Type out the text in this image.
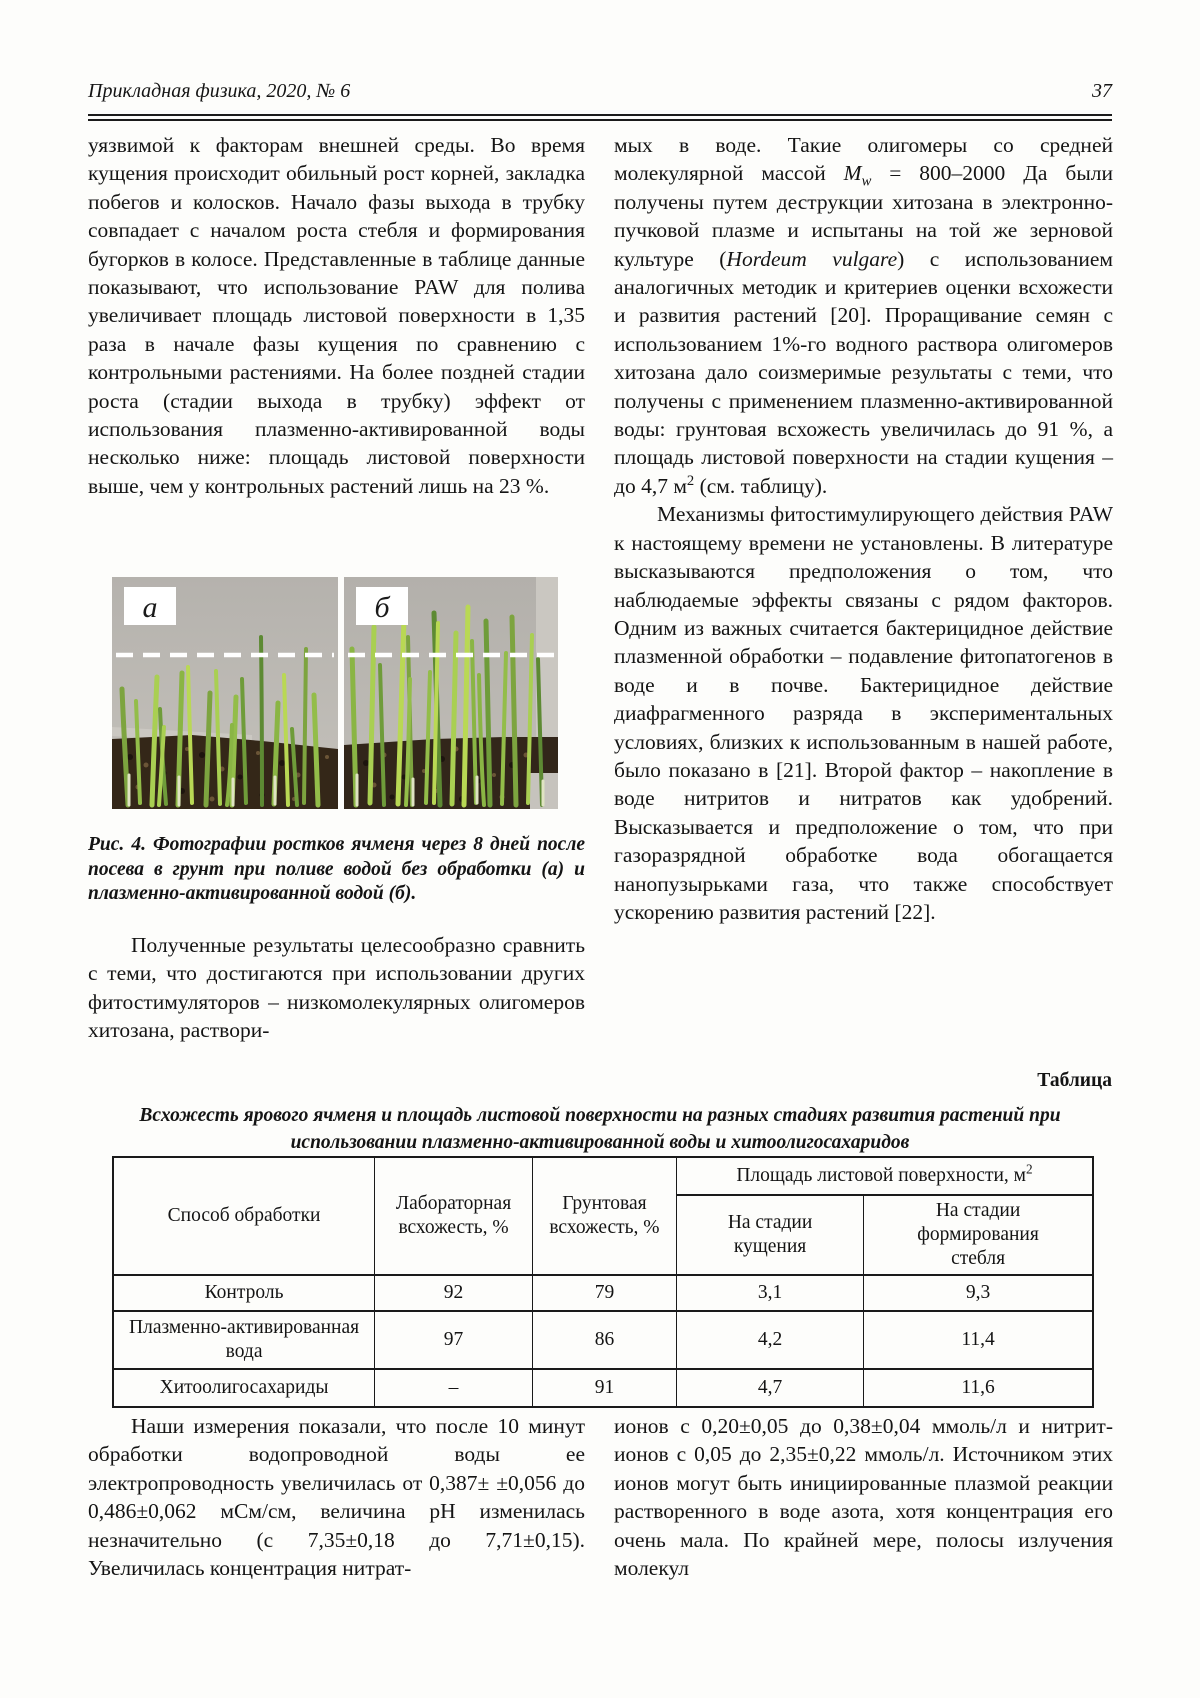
Прикладная физика, 2020, № 6	37

уязвимой к факторам внешней среды. Во время кущения происходит обильный рост корней, закладка побегов и колосков. Начало фазы выхода в трубку совпадает с началом роста стебля и формирования бугорков в колосе. Представленные в таблице данные показывают, что использование PAW для полива увеличивает площадь листовой поверхности в 1,35 раза в начале фазы кущения по сравнению с контрольными растениями. На более поздней стадии роста (стадии выхода в трубку) эффект от использования плазменно-активированной воды несколько ниже: площадь листовой поверхности выше, чем у контрольных растений лишь на 23 %.

мых в воде. Такие олигомеры со средней молекулярной массой $M_w = 800-2000$ Да были получены путем деструкции хитозана в электронно-пучковой плазме и испытаны на той же зерновой культуре (Hordeum vulgare) с использованием аналогичных методик и критериев оценки всхожести и развития растений [20]. Проращивание семян с использованием 1%-го водного раствора олигомеров хитозана дало соизмеримые результаты с теми, что получены с применением плазменно-активированной воды: грунтовая всхожесть увеличилась до 91 %, а площадь листовой поверхности на стадии кущения – до 4,7 $м^2$ (см. таблицу).

Механизмы фитостимулирующего действия PAW к настоящему времени не установлены. В литературе высказываются предположения о том, что наблюдаемые эффекты связаны с рядом факторов. Одним из важных считается бактерицидное действие плазменной обработки – подавление фитопатогенов в воде и в почве. Бактерицидное действие диафрагменного разряда в экспериментальных условиях, близких к использованным в нашей работе, было показано в [21]. Второй фактор – накопление в воде нитритов и нитратов как удобрений. Высказывается и предположение о том, что при газоразрядной обработке вода обогащается нанопузырьками газа, что также способствует ускорению развития растений [22].

а	б
Рис. 4. Фотографии ростков ячменя через 8 дней после посева в грунт при поливе водой без обработки (а) и плазменно-активированной водой (б).

Полученные результаты целесообразно сравнить с теми, что достигаются при использовании других фитостимуляторов – низкомолекулярных олигомеров хитозана, раствори-

Таблица
Всхожесть ярового ячменя и площадь листовой поверхности на разных стадиях развития растений при использовании плазменно-активированной воды и хитоолигосахаридов
Способ обработки	Лабораторная всхожесть, %	Грунтовая всхожесть, %	Площадь листовой поверхности, $м^2$
			На стадии кущения	На стадии формирования стебля
Контроль	92	79	3,1	9,3
Плазменно-активированная вода	97	86	4,2	11,4
Хитоолигосахариды	–	91	4,7	11,6

Наши измерения показали, что после 10 минут обработки водопроводной воды ее электропроводность увеличилась от 0,387± ±0,056 до 0,486±0,062 мСм/см, величина pH изменилась незначительно (с 7,35±0,18 до 7,71±0,15). Увеличилась концентрация нитрат-

ионов с 0,20±0,05 до 0,38±0,04 ммоль/л и нитрит-ионов с 0,05 до 2,35±0,22 ммоль/л. Источником этих ионов могут быть инициированные плазмой реакции растворенного в воде азота, хотя концентрация его очень мала. По крайней мере, полосы излучения молекул
